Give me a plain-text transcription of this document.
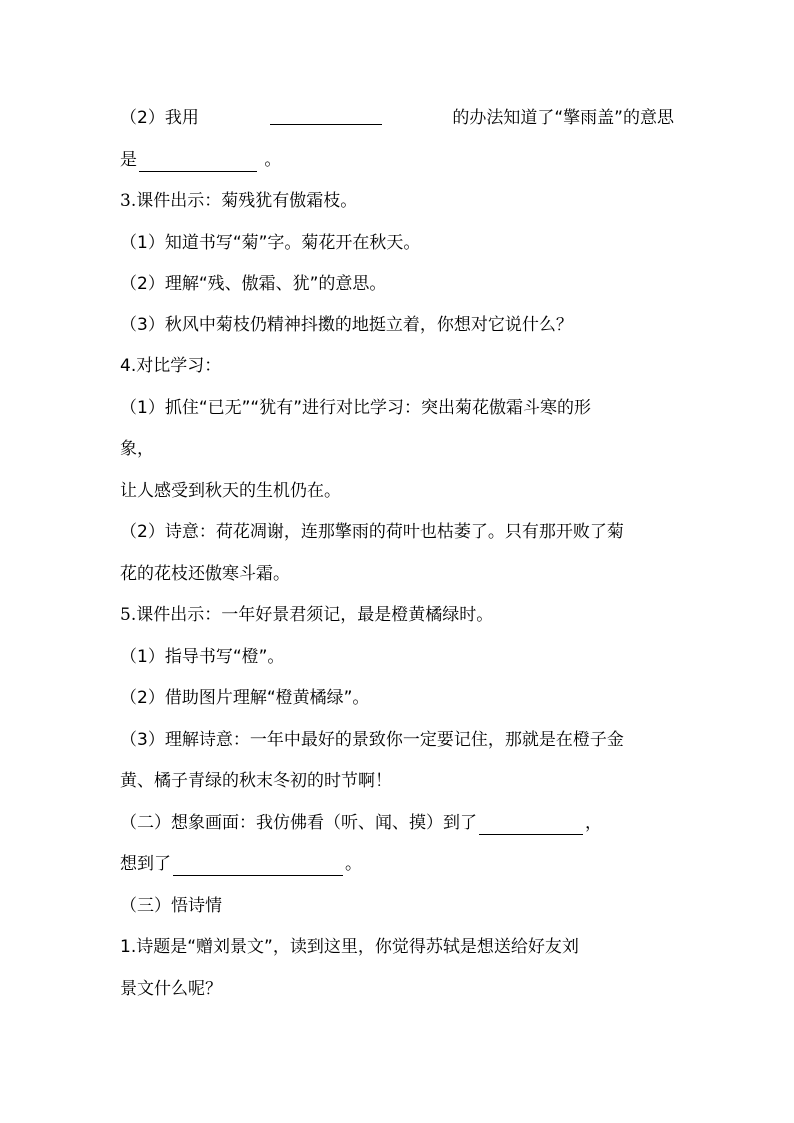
（2）我用	的办法知道了“擎雨盖”的意思
是	。
3.课件出示：菊残犹有傲霜枝。
（1）知道书写“菊”字。菊花开在秋天。
（2）理解“残、傲霜、犹”的意思。
（3）秋风中菊枝仍精神抖擞的地挺立着，你想对它说什么？
4.对比学习：
（1）抓住“已无”“犹有”进行对比学习：突出菊花傲霜斗寒的形
象，
让人感受到秋天的生机仍在。
（2）诗意：荷花凋谢，连那擎雨的荷叶也枯萎了。只有那开败了菊
花的花枝还傲寒斗霜。
5.课件出示：一年好景君须记，最是橙黄橘绿时。
（1）指导书写“橙”。
（2）借助图片理解“橙黄橘绿”。
（3）理解诗意：一年中最好的景致你一定要记住，那就是在橙子金
黄、橘子青绿的秋末冬初的时节啊！
（二）想象画面：我仿佛看（听、闻、摸）到了	，
想到了	。
（三）悟诗情
1.诗题是“赠刘景文”，读到这里，你觉得苏轼是想送给好友刘
景文什么呢？
